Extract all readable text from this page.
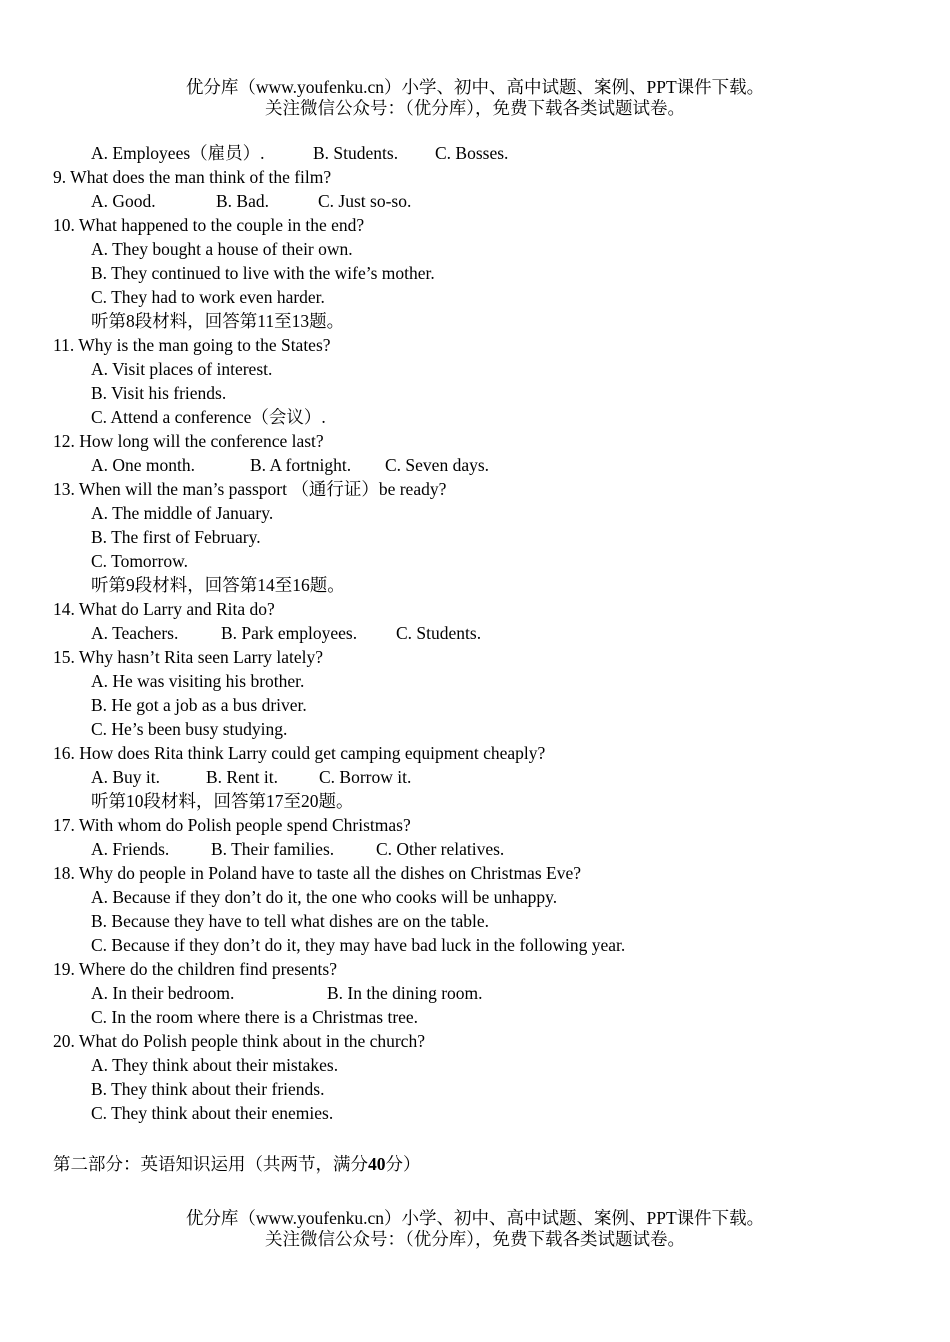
优分库（www.youfenku.cn）小学、初中、高中试题、案例、PPT课件下载。
关注微信公众号：（优分库），免费下载各类试题试卷。
A. Employees（雇员）.	B. Students. C. Bosses.
9. What does the man think of the film?
A. Good.	B. Bad.	C. Just so-so.
10. What happened to the couple in the end?
A. They bought a house of their own.
B. They continued to live with the wife’s mother.
C. They had to work even harder.
听第8段材料，回答第11至13题。
11. Why is the man going to the States?
A. Visit places of interest.
B. Visit his friends.
C. Attend a conference（会议）.
12. How long will the conference last?
A. One month.	B. A fortnight. C. Seven days.
13. When will the man’s passport （通行证）be ready?
A. The middle of January.
B. The first of February.
C. Tomorrow.
听第9段材料，回答第14至16题。
14. What do Larry and Rita do?
A. Teachers. B. Park employees. C. Students.
15. Why hasn’t Rita seen Larry lately?
A. He was visiting his brother.
B. He got a job as a bus driver.
C. He’s been busy studying.
16. How does Rita think Larry could get camping equipment cheaply?
A. Buy it.	B. Rent it. C. Borrow it.
听第10段材料，回答第17至20题。
17. With whom do Polish people spend Christmas?
A. Friends. B. Their families. C. Other relatives.
18. Why do people in Poland have to taste all the dishes on Christmas Eve?
A. Because if they don’t do it, the one who cooks will be unhappy.
B. Because they have to tell what dishes are on the table.
C. Because if they don’t do it, they may have bad luck in the following year.
19. Where do the children find presents?
A. In their bedroom.	B. In the dining room.
C. In the room where there is a Christmas tree.
20. What do Polish people think about in the church?
A. They think about their mistakes.
B. They think about their friends.
C. They think about their enemies.
第二部分：英语知识运用（共两节，满分40分）
优分库（www.youfenku.cn）小学、初中、高中试题、案例、PPT课件下载。
关注微信公众号：（优分库），免费下载各类试题试卷。
